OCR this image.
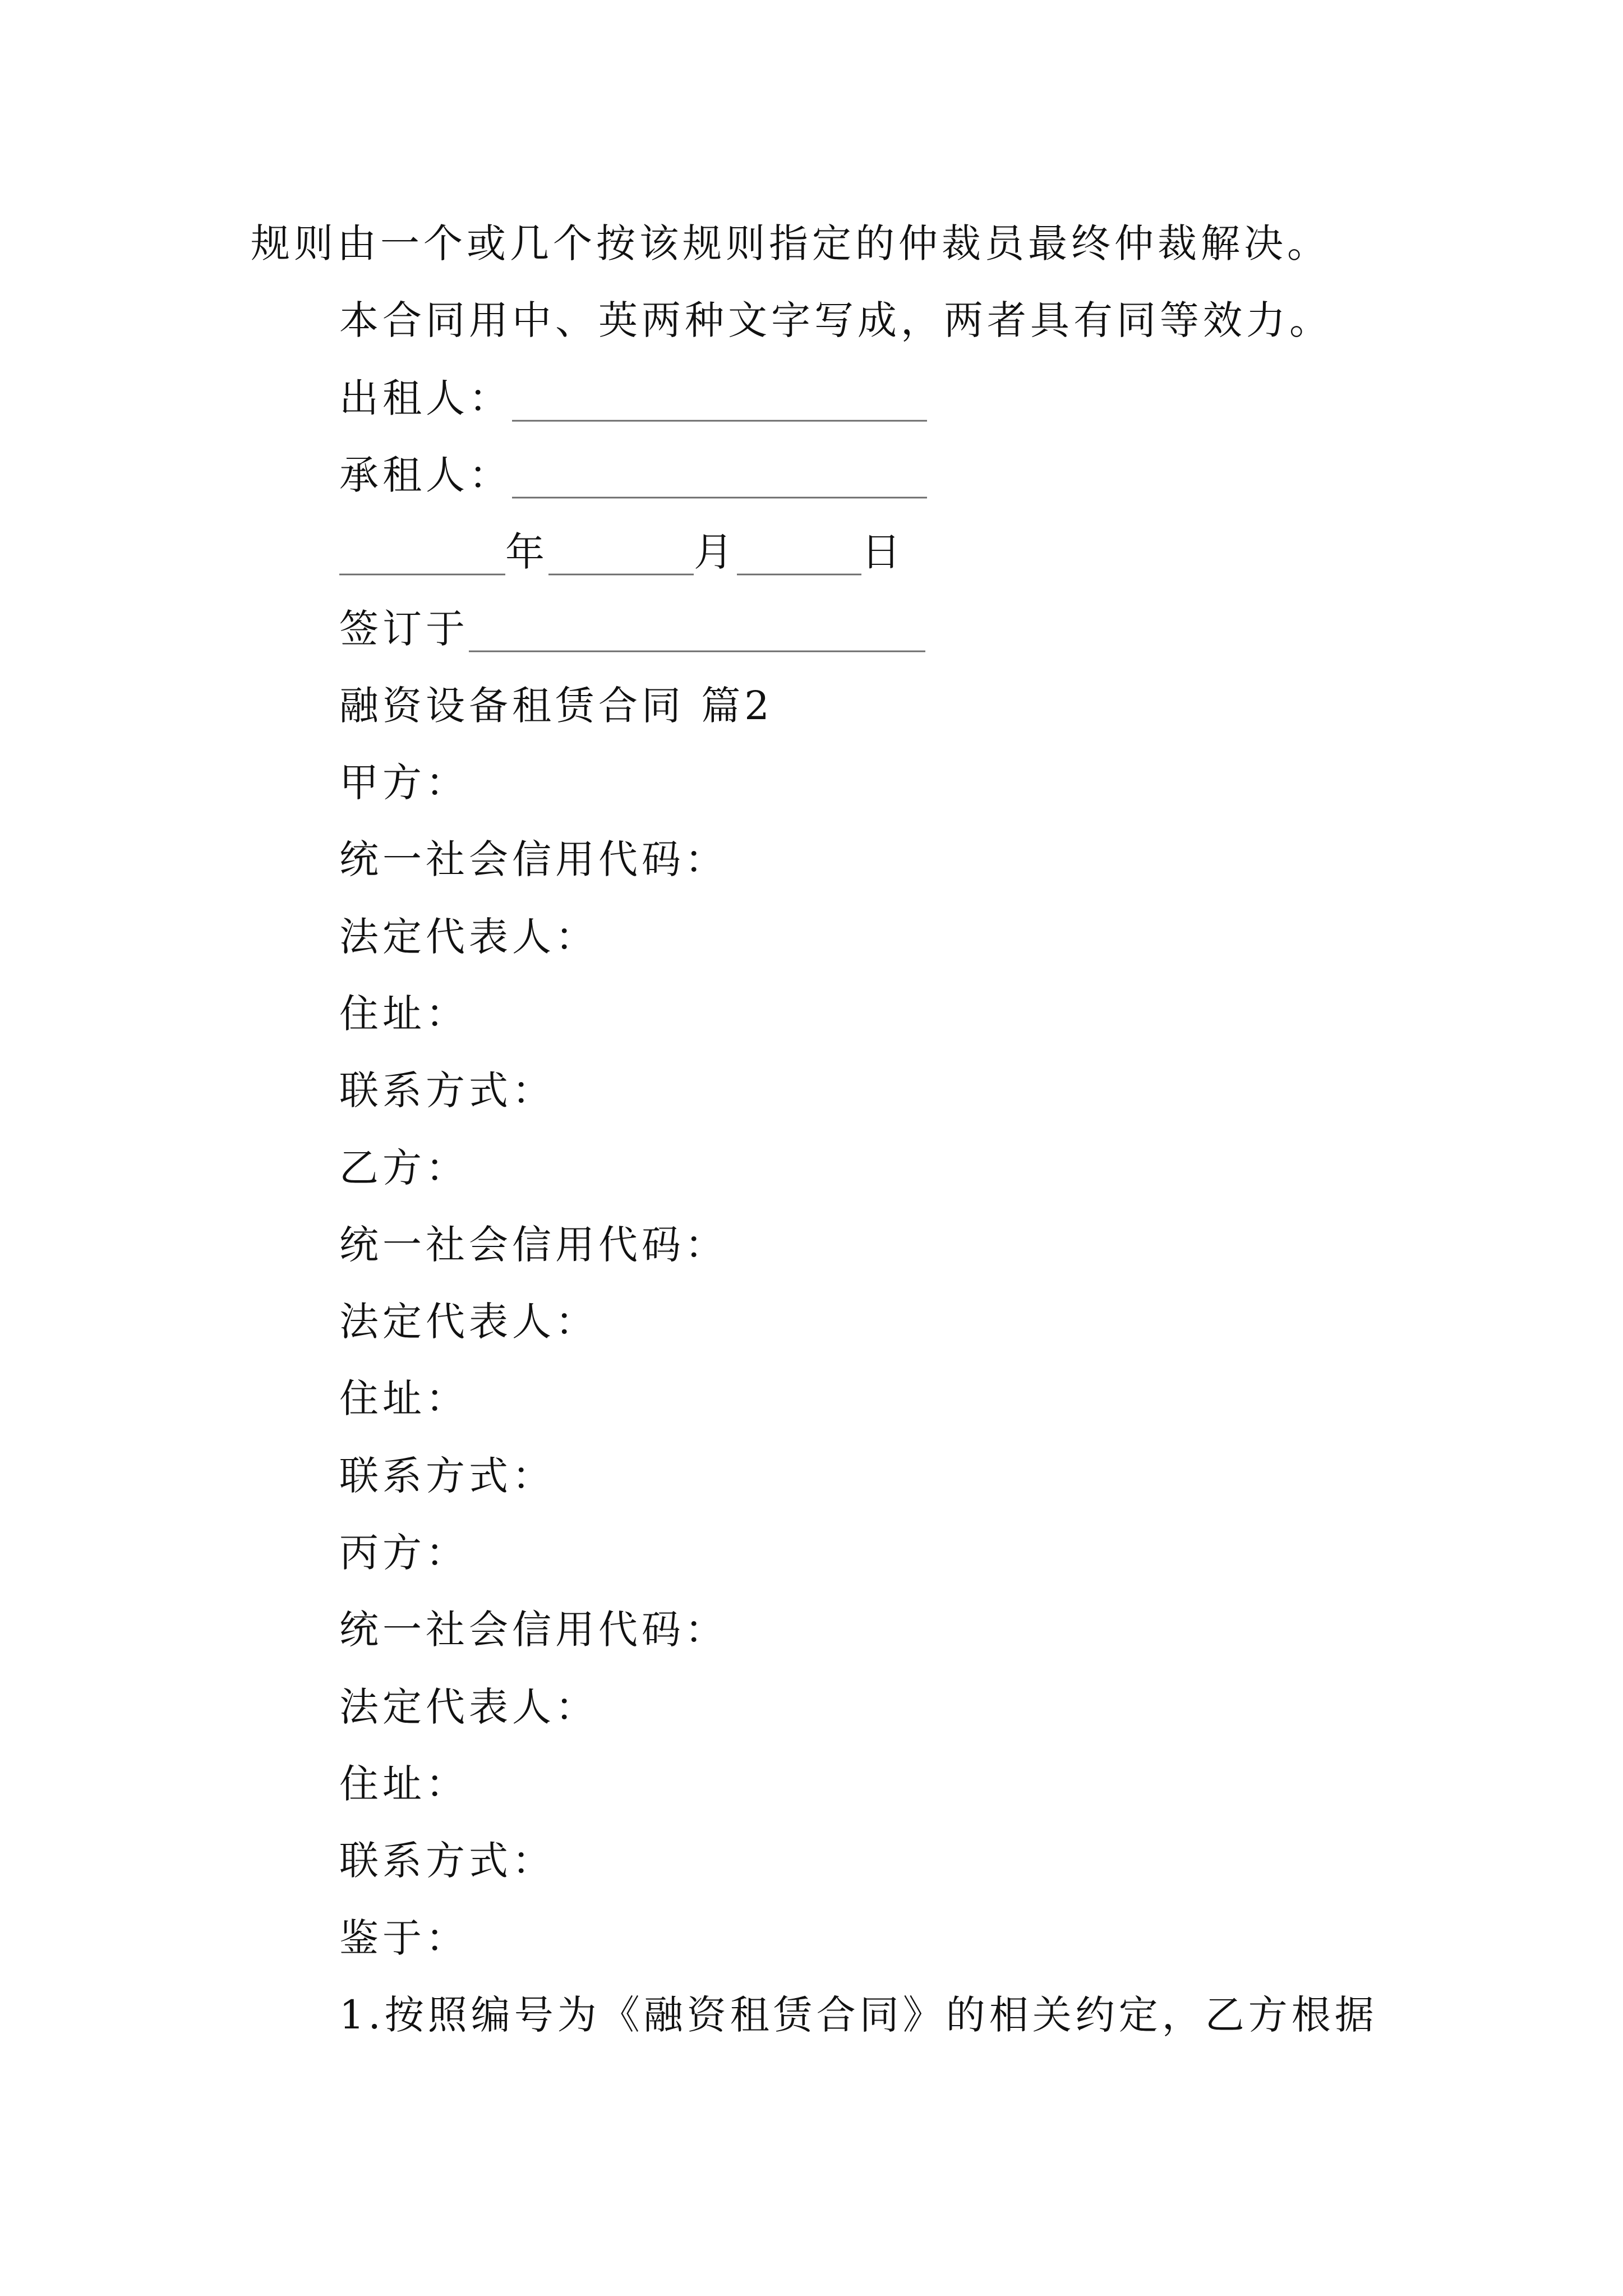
规则由一个或几个按该规则指定的仲裁员最终仲裁解决。
本合同用中、英两种文字写成，两者具有同等效力。
出租人：____________________
承租人：____________________
________年_______月______日
签订于______________________
融资设备租赁合同 篇2
甲方：
统一社会信用代码：
法定代表人：
住址：
联系方式：
乙方：
统一社会信用代码：
法定代表人：
住址：
联系方式：
丙方：
统一社会信用代码：
法定代表人：
住址：
联系方式：
鉴于：
1.按照编号为《融资租赁合同》的相关约定，乙方根据
